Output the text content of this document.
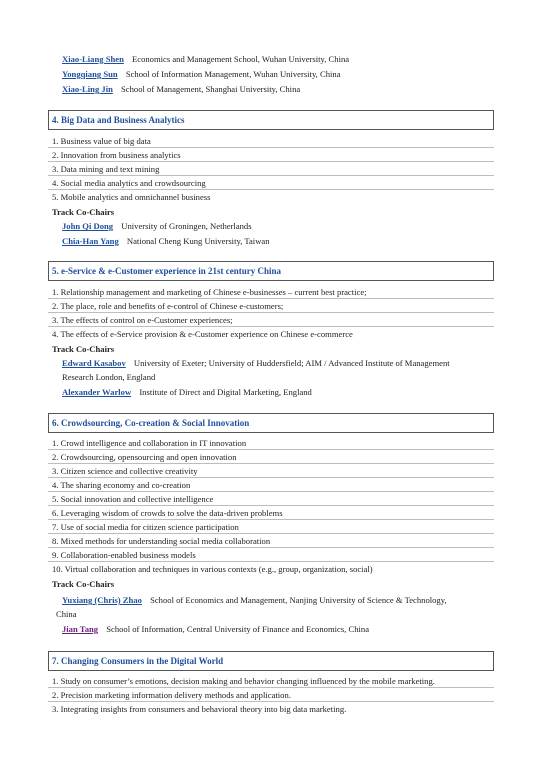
Xiao-Liang Shen Economics and Management School, Wuhan University, China
Yongqiang Sun School of Information Management, Wuhan University, China
Xiao-Ling Jin School of Management, Shanghai University, China
4. Big Data and Business Analytics
1. Business value of big data
2. Innovation from business analytics
3. Data mining and text mining
4. Social media analytics and crowdsourcing
5. Mobile analytics and omnichannel business
Track Co-Chairs
John Qi Dong University of Groningen, Netherlands
Chia-Han Yang National Cheng Kung University, Taiwan
5. e-Service & e-Customer experience in 21st century China
1. Relationship management and marketing of Chinese e-businesses – current best practice;
2. The place, role and benefits of e-control of Chinese e-customers;
3. The effects of control on e-Customer experiences;
4. The effects of e-Service provision & e-Customer experience on Chinese e-commerce
Track Co-Chairs
Edward Kasabov University of Exeter; University of Huddersfield; AIM / Advanced Institute of Management
Research London, England
Alexander Warlow Institute of Direct and Digital Marketing, England
6. Crowdsourcing, Co-creation & Social Innovation
1. Crowd intelligence and collaboration in IT innovation
2. Crowdsourcing, opensourcing and open innovation
3. Citizen science and collective creativity
4. The sharing economy and co-creation
5. Social innovation and collective intelligence
6. Leveraging wisdom of crowds to solve the data-driven problems
7. Use of social media for citizen science participation
8. Mixed methods for understanding social media collaboration
9. Collaboration-enabled business models
10. Virtual collaboration and techniques in various contexts (e.g., group, organization, social)
Track Co-Chairs
Yuxiang (Chris) Zhao School of Economics and Management, Nanjing University of Science & Technology,
China
Jian Tang School of Information, Central University of Finance and Economics, China
7. Changing Consumers in the Digital World
1. Study on consumer’s emotions, decision making and behavior changing influenced by the mobile marketing.
2. Precision marketing information delivery methods and application.
3. Integrating insights from consumers and behavioral theory into big data marketing.
